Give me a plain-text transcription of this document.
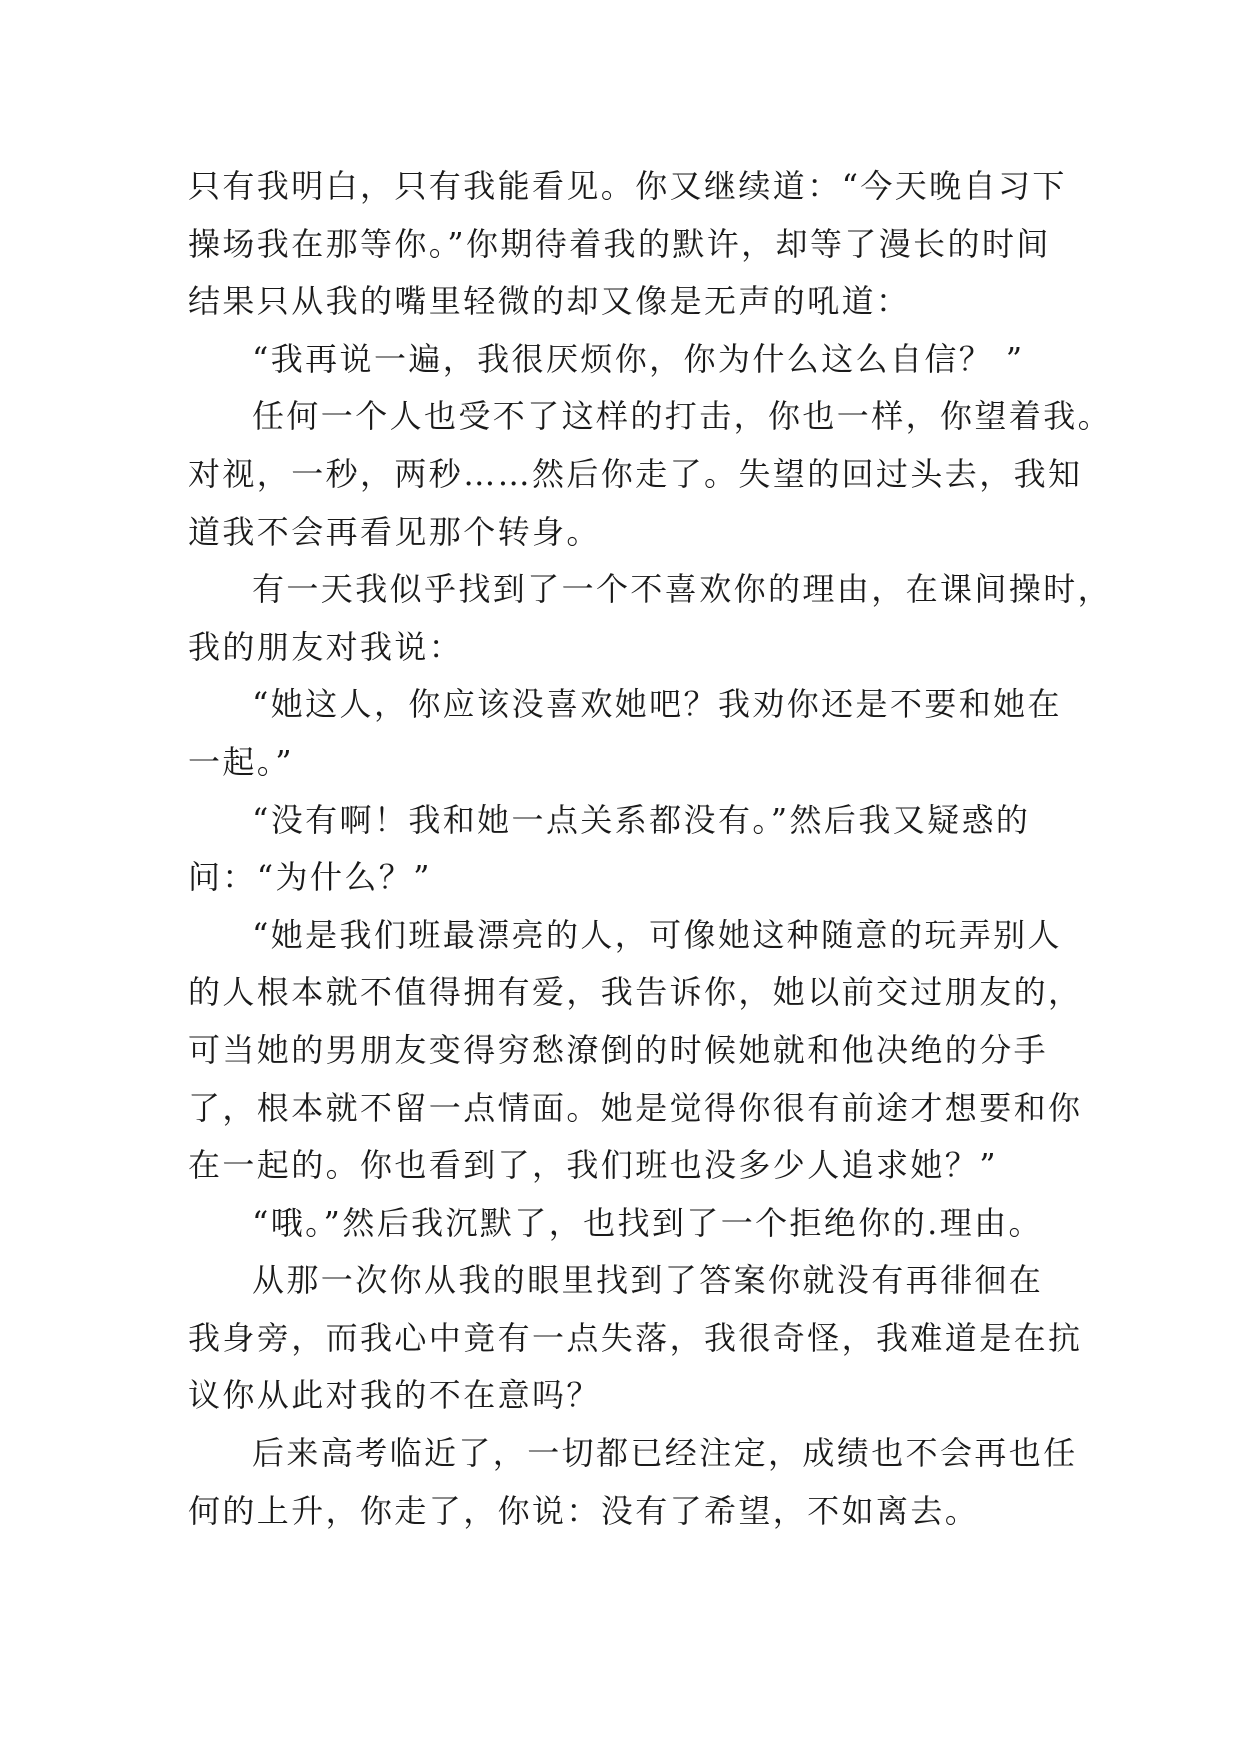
只有我明白，只有我能看见。你又继续道：“今天晚自习下
操场我在那等你。”你期待着我的默许，却等了漫长的时间
结果只从我的嘴里轻微的却又像是无声的吼道：
“我再说一遍，我很厌烦你，你为什么这么自信？ ”
任何一个人也受不了这样的打击，你也一样，你望着我。
对视，一秒，两秒……然后你走了。失望的回过头去，我知
道我不会再看见那个转身。
有一天我似乎找到了一个不喜欢你的理由，在课间操时，
我的朋友对我说：
“她这人，你应该没喜欢她吧？我劝你还是不要和她在
一起。”
“没有啊！我和她一点关系都没有。”然后我又疑惑的
问：“为什么？”
“她是我们班最漂亮的人，可像她这种随意的玩弄别人
的人根本就不值得拥有爱，我告诉你，她以前交过朋友的，
可当她的男朋友变得穷愁潦倒的时候她就和他决绝的分手
了，根本就不留一点情面。她是觉得你很有前途才想要和你
在一起的。你也看到了，我们班也没多少人追求她？”
“哦。”然后我沉默了，也找到了一个拒绝你的.理由。
从那一次你从我的眼里找到了答案你就没有再徘徊在
我身旁，而我心中竟有一点失落，我很奇怪，我难道是在抗
议你从此对我的不在意吗？
后来高考临近了，一切都已经注定，成绩也不会再也任
何的上升，你走了，你说：没有了希望，不如离去。
